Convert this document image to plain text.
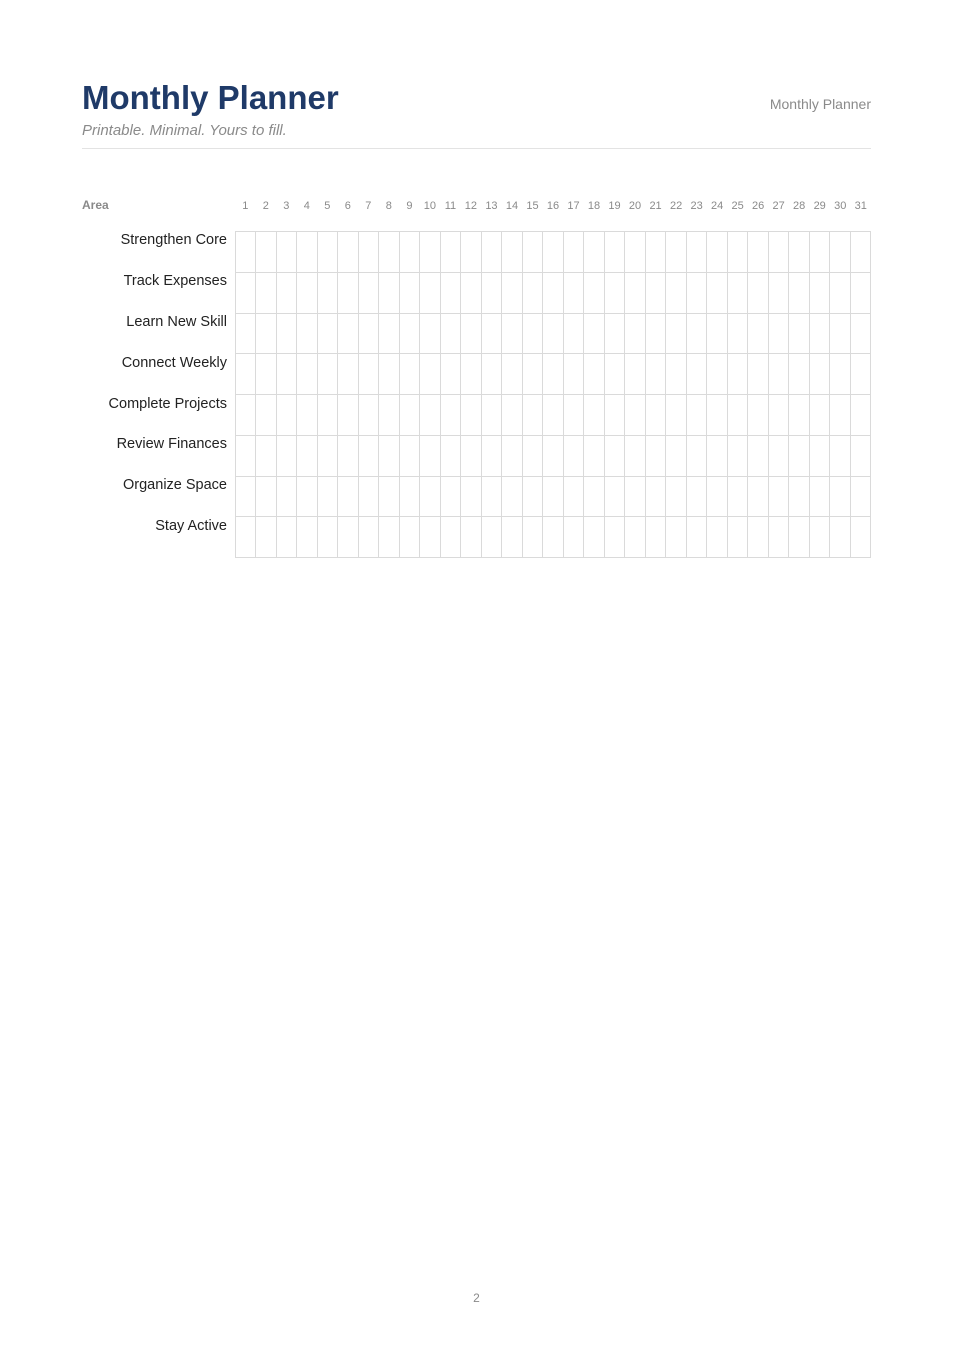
Monthly Planner
Printable. Minimal. Yours to fill.
Monthly Planner
Area	1	2	3	4	5	6	7	8	9	10 11 12 13 14 15 16 17 18 19 20 21 22 23 24 25 26 27 28 29 30 31
Strengthen Core
Track Expenses
Learn New Skill
Connect Weekly
Complete Projects
Review Finances
Organize Space
Stay Active
2
